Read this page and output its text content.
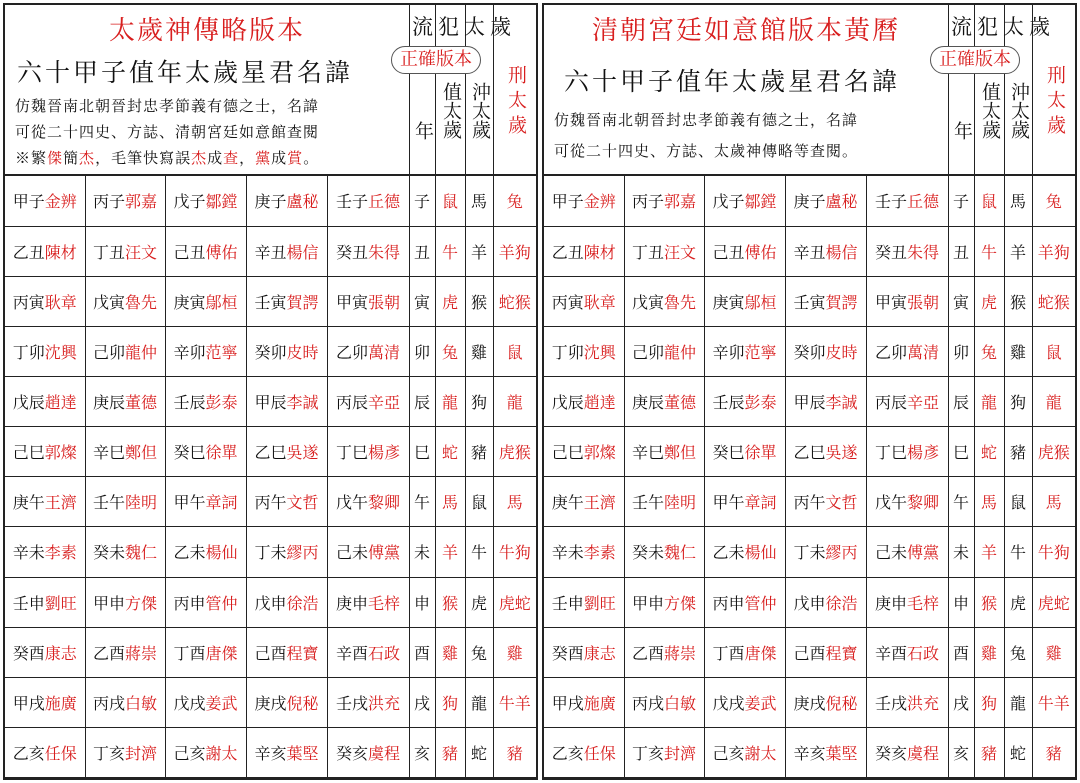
太歲神傳略版本
六十甲子值年太歲星君名諱	正確版本
仿魏晉南北朝晉封忠孝節義有德之士，名諱
可從二十四史、方誌、清朝宮廷如意館查閱
※繁傑簡杰，毛筆快寫誤杰成查，黨成賞。
年 值太歲 沖太歲 刑太歲
流犯太歲
甲子金辨	丙子郭嘉	戊子鄒鏜	庚子盧秘	壬子丘德	子	鼠	馬	兔
乙丑陳材	丁丑汪文	己丑傅佑	辛丑楊信	癸丑朱得	丑	牛	羊	羊狗
丙寅耿章	戊寅魯先	庚寅鄔桓	壬寅賀諤	甲寅張朝	寅	虎	猴	蛇猴
丁卯沈興	己卯龍仲	辛卯范寧	癸卯皮時	乙卯萬清	卯	兔	雞	鼠
戊辰趙達	庚辰董德	壬辰彭泰	甲辰李誠	丙辰辛亞	辰	龍	狗	龍
己巳郭燦	辛巳鄭但	癸巳徐單	乙巳吳遂	丁巳楊彥	巳	蛇	豬	虎猴
庚午王濟	壬午陸明	甲午章詞	丙午文哲	戊午黎卿	午	馬	鼠	馬
辛未李素	癸未魏仁	乙未楊仙	丁未繆丙	己未傅黨	未	羊	牛	牛狗
壬申劉旺	甲申方傑	丙申管仲	戊申徐浩	庚申毛梓	申	猴	虎	虎蛇
癸酉康志	乙酉蔣崇	丁酉唐傑	己酉程寶	辛酉石政	酉	雞	兔	雞
甲戌施廣	丙戌白敏	戊戌姜武	庚戌倪秘	壬戌洪充	戌	狗	龍	牛羊
乙亥任保	丁亥封濟	己亥謝太	辛亥葉堅	癸亥虞程	亥	豬	蛇	豬
清朝宮廷如意館版本黃曆
六十甲子值年太歲星君名諱
正確版本
仿魏晉南北朝晉封忠孝節義有德之士，名諱
可從二十四史、方誌、太歲神傳略等查閱。
年 值太歲 沖太歲 刑太歲
流犯太歲
甲子金辨	丙子郭嘉	戊子鄒鏜	庚子盧秘	壬子丘德	子	鼠	馬	兔
乙丑陳材	丁丑汪文	己丑傅佑	辛丑楊信	癸丑朱得	丑	牛	羊	羊狗
丙寅耿章	戊寅魯先	庚寅鄔桓	壬寅賀諤	甲寅張朝	寅	虎	猴	蛇猴
丁卯沈興	己卯龍仲	辛卯范寧	癸卯皮時	乙卯萬清	卯	兔	雞	鼠
戊辰趙達	庚辰董德	壬辰彭泰	甲辰李誠	丙辰辛亞	辰	龍	狗	龍
己巳郭燦	辛巳鄭但	癸巳徐單	乙巳吳遂	丁巳楊彥	巳	蛇	豬	虎猴
庚午王濟	壬午陸明	甲午章詞	丙午文哲	戊午黎卿	午	馬	鼠	馬
辛未李素	癸未魏仁	乙未楊仙	丁未繆丙	己未傅黨	未	羊	牛	牛狗
壬申劉旺	甲申方傑	丙申管仲	戊申徐浩	庚申毛梓	申	猴	虎	虎蛇
癸酉康志	乙酉蔣崇	丁酉唐傑	己酉程寶	辛酉石政	酉	雞	兔	雞
甲戌施廣	丙戌白敏	戊戌姜武	庚戌倪秘	壬戌洪充	戌	狗	龍	牛羊
乙亥任保	丁亥封濟	己亥謝太	辛亥葉堅	癸亥虞程	亥	豬	蛇	豬
